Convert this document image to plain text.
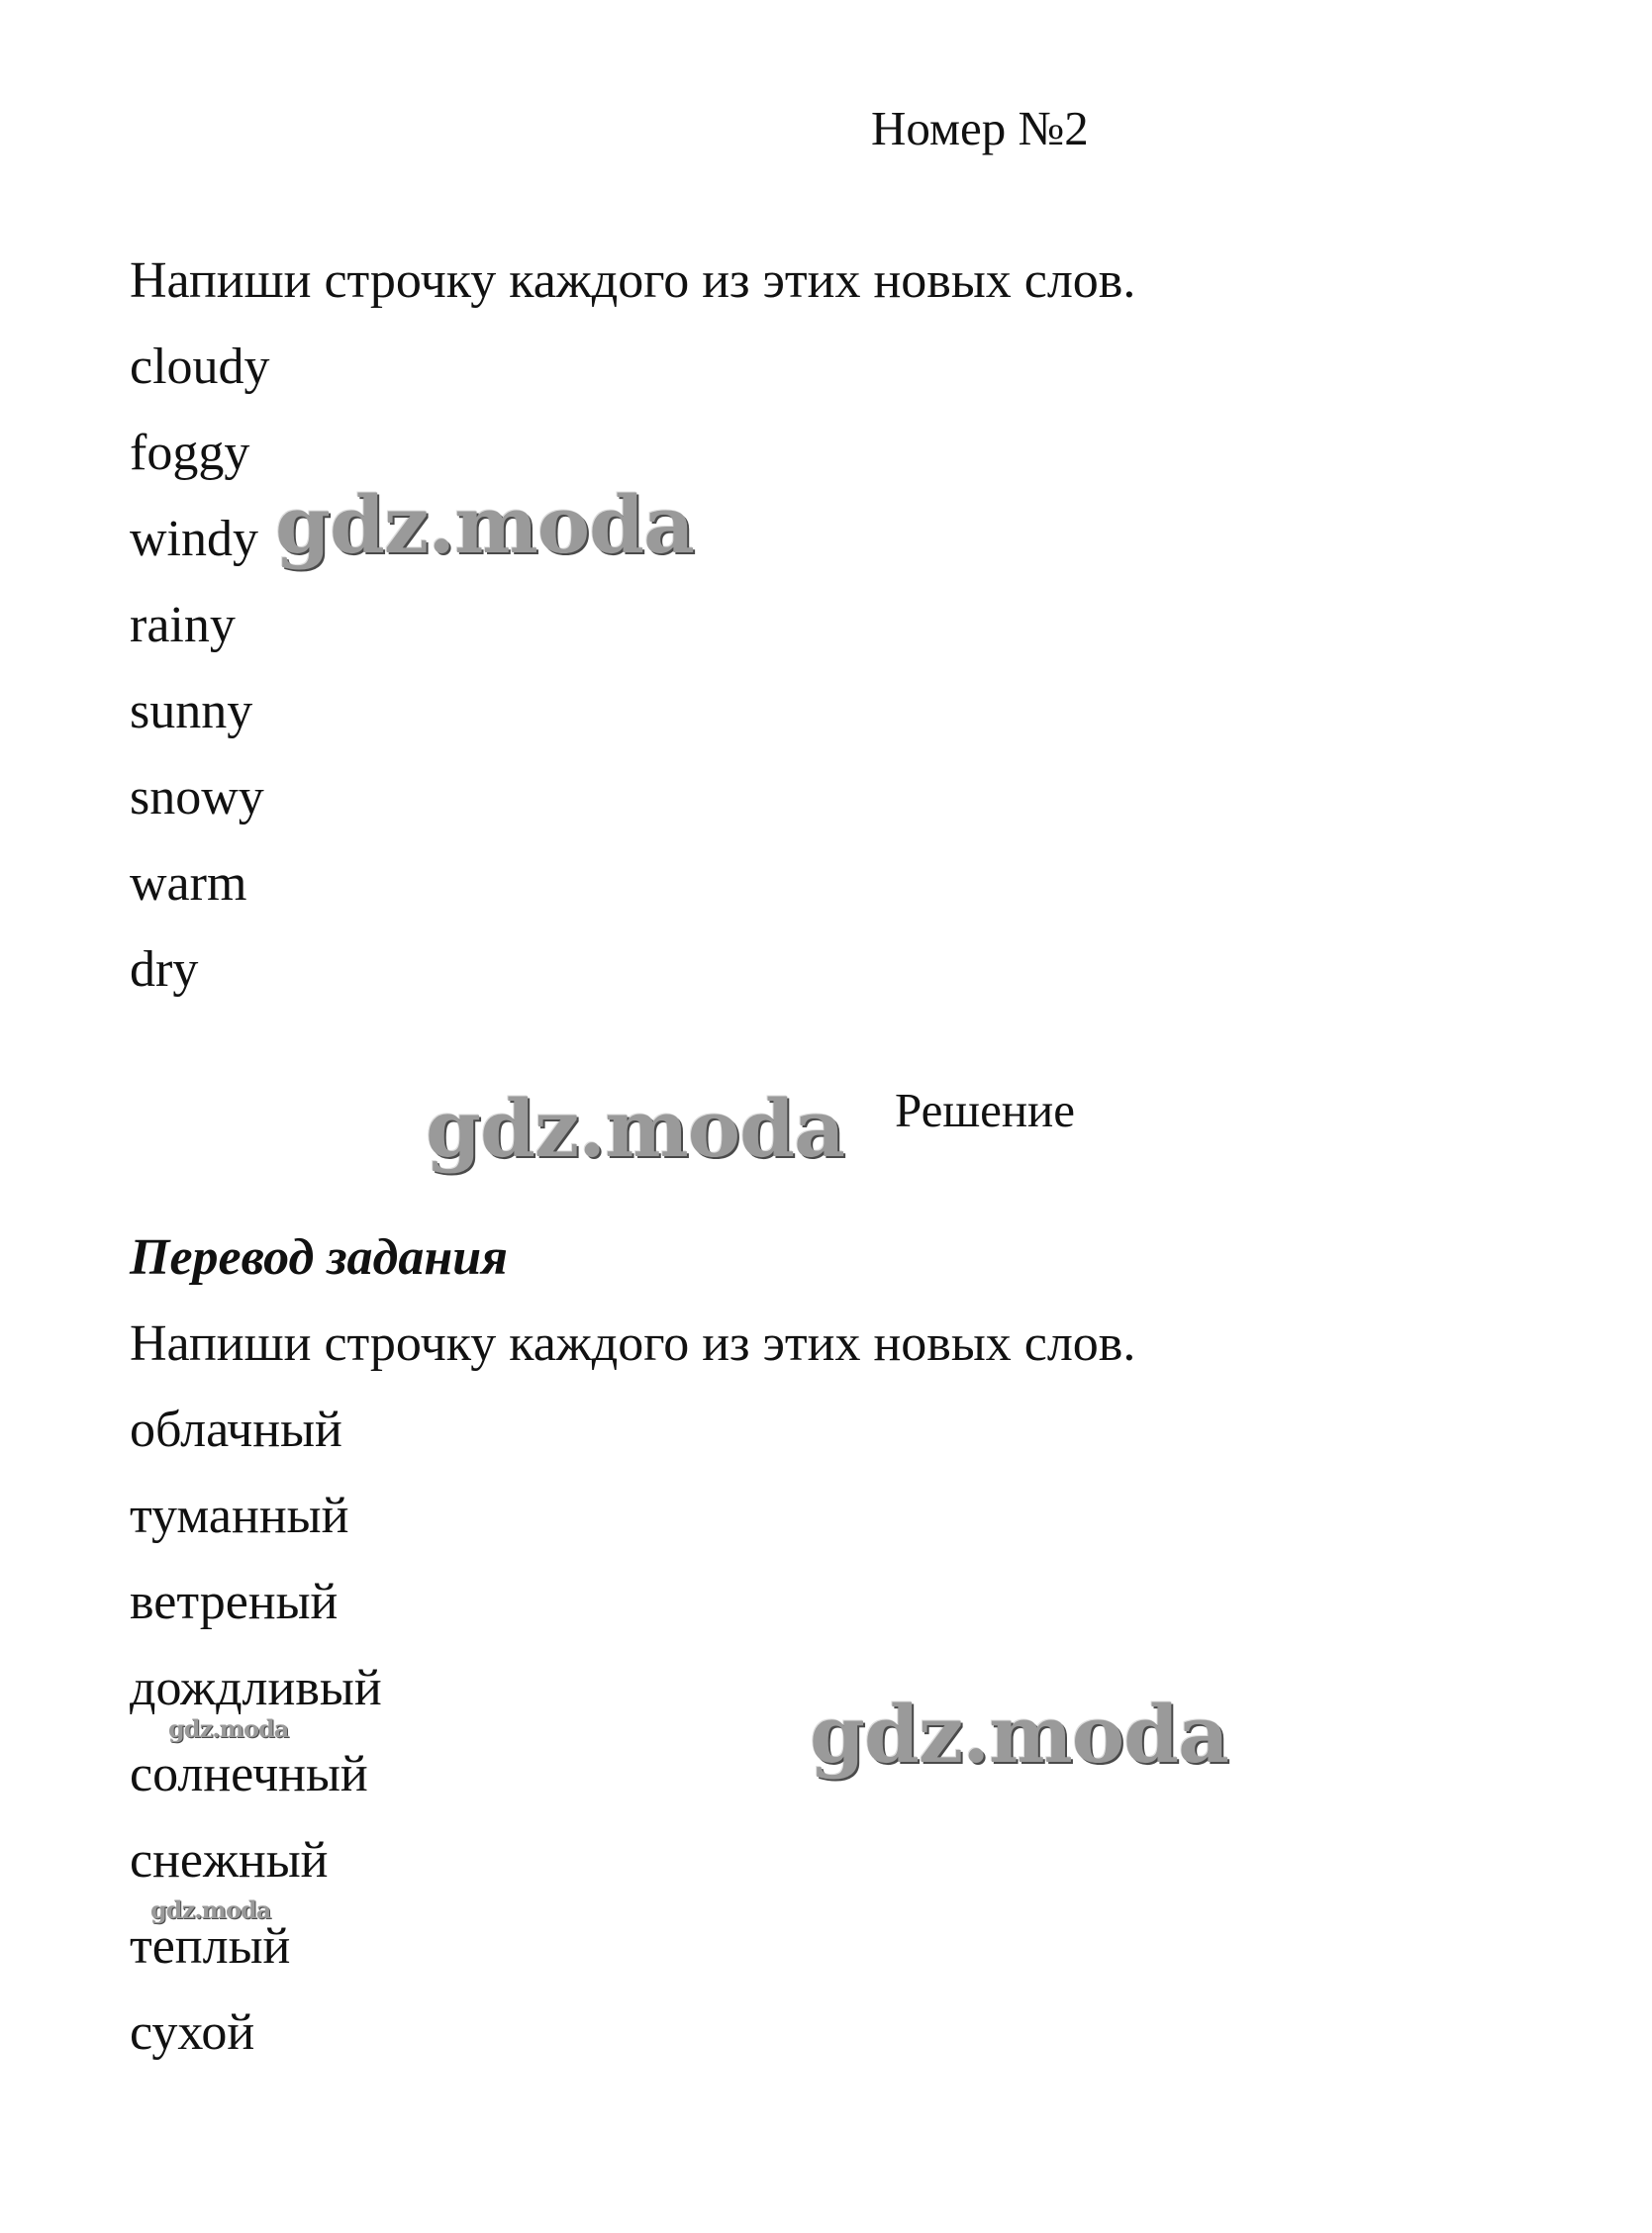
Номер №2
Напиши строчку каждого из этих новых слов.
cloudy
foggy
windy
rainy
sunny
snowy
warm
dry
Решение
Перевод задания
Напиши строчку каждого из этих новых слов.
облачный
туманный
ветреный
дождливый
солнечный
снежный
теплый
сухой
gdz.moda
gdz.moda
gdz.moda
gdz.moda
gdz.moda
